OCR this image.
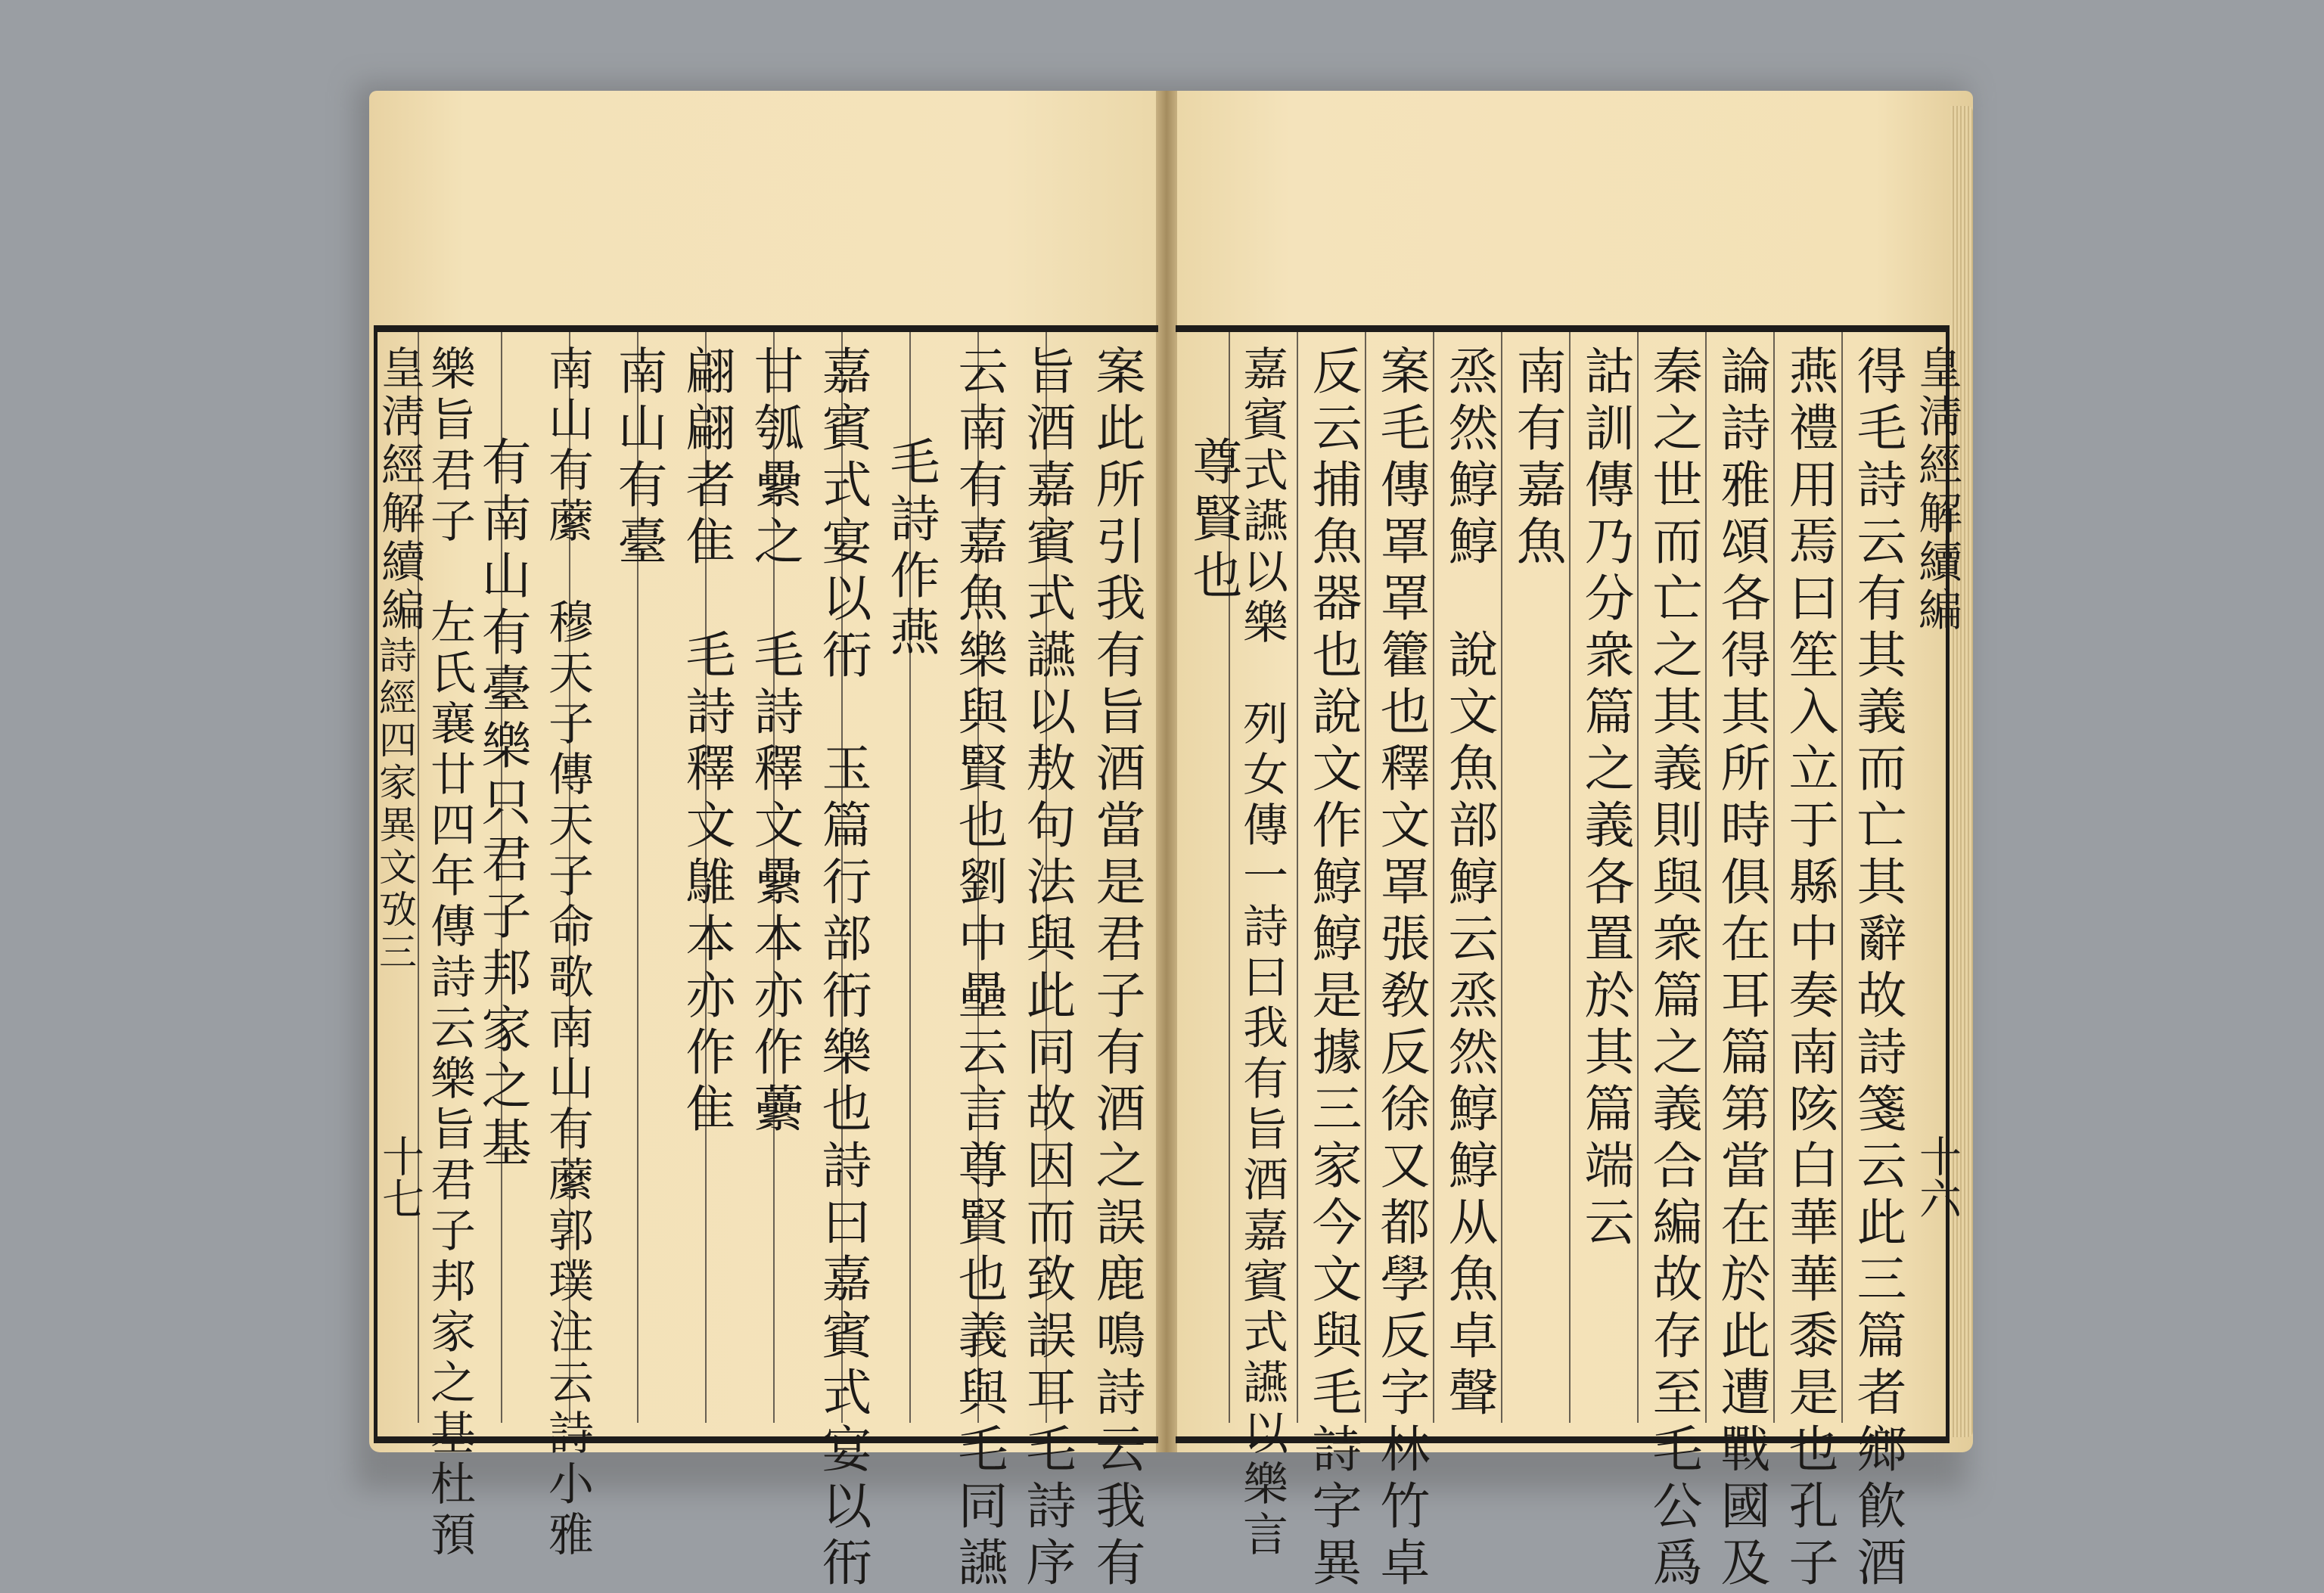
案此所引我有旨酒當是君子有酒之誤鹿鳴詩云我有
旨酒嘉賓式讌以敖句法與此同故因而致誤耳毛詩序
云南有嘉魚樂與賢也劉中壘云言尊賢也義與毛同讌
毛詩作燕
嘉賓式宴以衎　玉篇行部衎樂也詩曰嘉賓式宴以衎
甘瓠纍之　毛詩釋文纍本亦作虆
翩翩者隹　毛詩釋文鵻本亦作隹
南山有臺
南山有䕷　穆天子傳天子命歌南山有䕷郭璞注云詩小雅
有南山有臺樂只君子邦家之基
樂旨君子　左氏襄廿四年傳詩云樂旨君子邦家之基杜預
皇淸經解續編
詩經四家異文攷三
十七	得毛詩云有其義而亡其辭故詩箋云此三篇者鄉飮酒
燕禮用焉曰笙入立于縣中奏南陔白華華黍是也孔子
論詩雅頌各得其所時俱在耳篇第當在於此遭戰國及
秦之世而亡之其義則與衆篇之義合編故存至毛公爲
詁訓傳乃分衆篇之義各置於其篇端云
南有嘉魚
烝然鯙鯙　說文魚部鯙云烝然鯙鯙从魚卓聲
案毛傳罩罩籗也釋文罩張敎反徐又都學反字林竹卓
反云捕魚器也說文作鯙鯙是據三家今文與毛詩字異
嘉賓式讌以樂　列女傳一詩曰我有旨酒嘉賓式讌以樂言
尊賢也	皇淸經解續編
十六
